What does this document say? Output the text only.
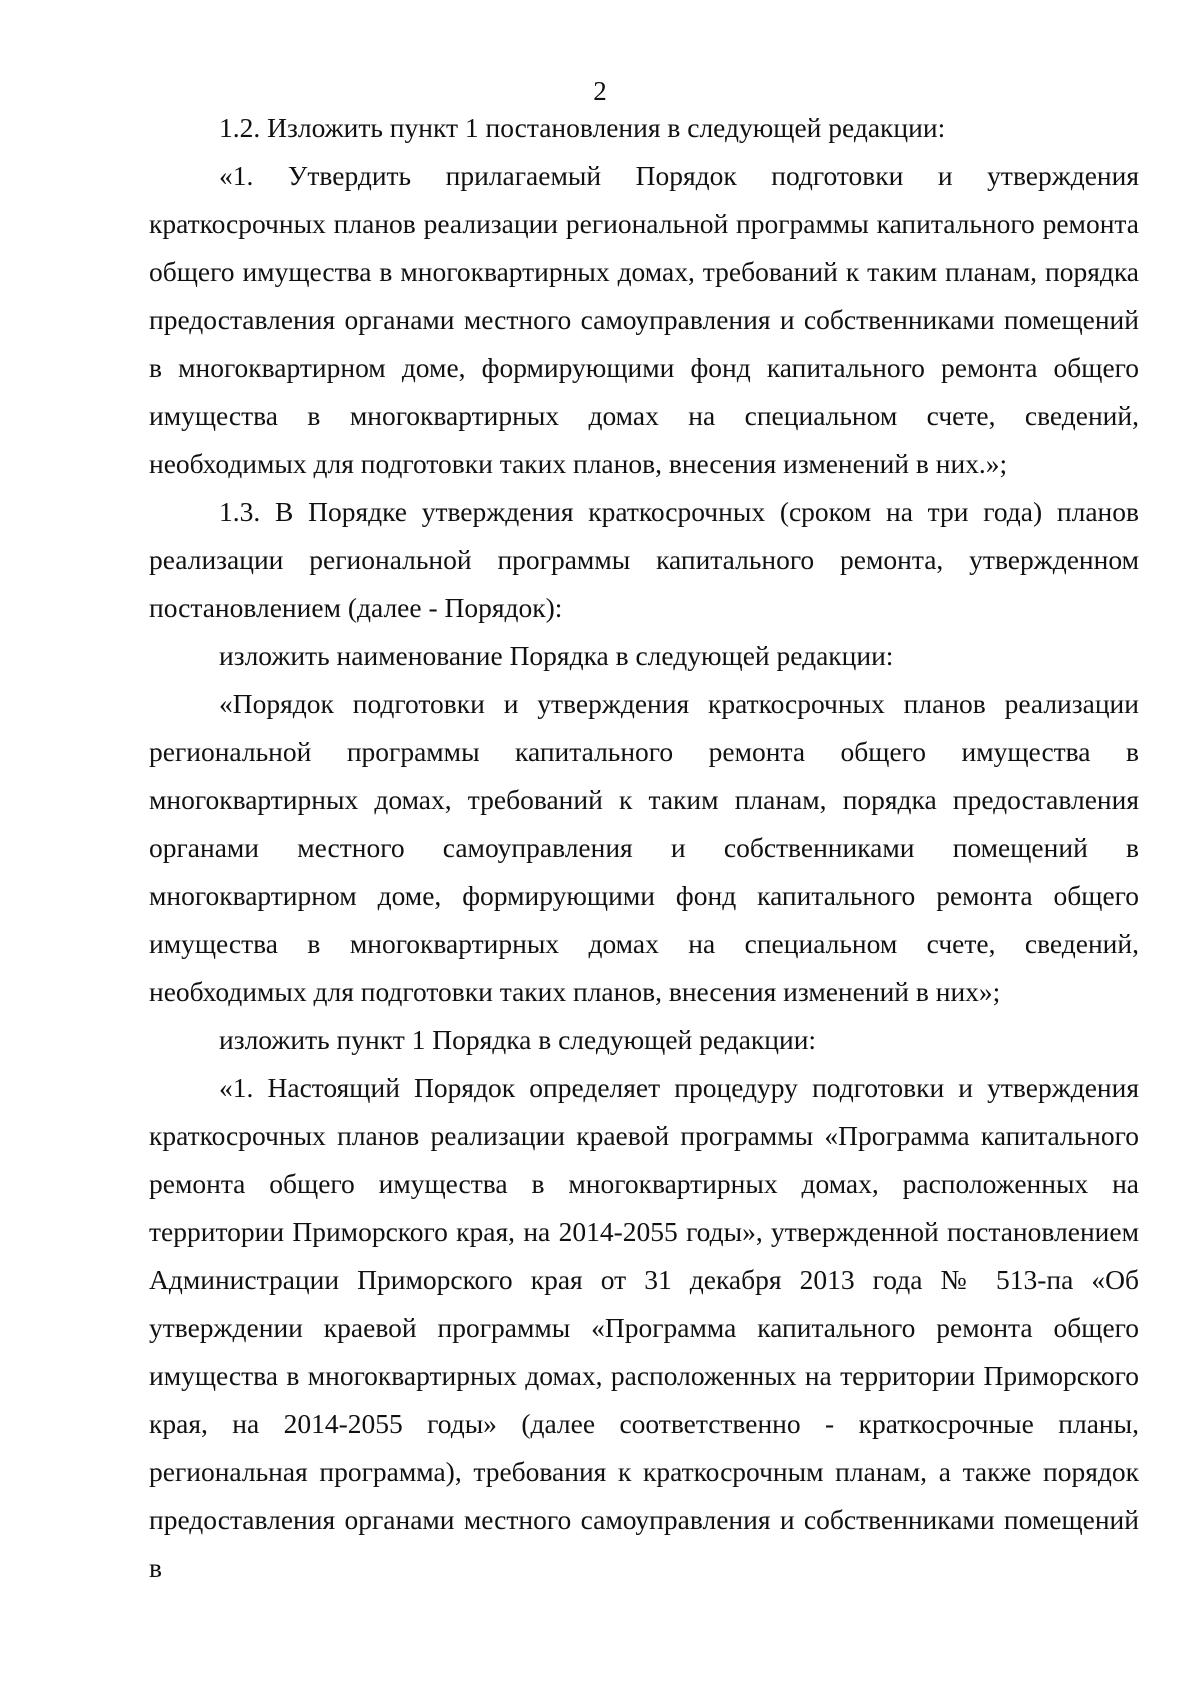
2

1.2. Изложить пункт 1 постановления в следующей редакции:

«1. Утвердить прилагаемый Порядок подготовки и утверждения краткосрочных планов реализации региональной программы капитального ремонта общего имущества в многоквартирных домах, требований к таким планам, порядка предоставления органами местного самоуправления и собственниками помещений в многоквартирном доме, формирующими фонд капитального ремонта общего имущества в многоквартирных домах на специальном счете, сведений, необходимых для подготовки таких планов, внесения изменений в них.»;

1.3. В Порядке утверждения краткосрочных (сроком на три года) планов реализации региональной программы капитального ремонта, утвержденном постановлением (далее - Порядок):

изложить наименование Порядка в следующей редакции:

«Порядок подготовки и утверждения краткосрочных планов реализации региональной программы капитального ремонта общего имущества в многоквартирных домах, требований к таким планам, порядка предоставления органами местного самоуправления и собственниками помещений в многоквартирном доме, формирующими фонд капитального ремонта общего имущества в многоквартирных домах на специальном счете, сведений, необходимых для подготовки таких планов, внесения изменений в них»;

изложить пункт 1 Порядка в следующей редакции:

«1. Настоящий Порядок определяет процедуру подготовки и утверждения краткосрочных планов реализации краевой программы «Программа капитального ремонта общего имущества в многоквартирных домах, расположенных на территории Приморского края, на 2014-2055 годы», утвержденной постановлением Администрации Приморского края от 31 декабря 2013 года № 513-па «Об утверждении краевой программы «Программа капитального ремонта общего имущества в многоквартирных домах, расположенных на территории Приморского края, на 2014-2055 годы» (далее соответственно - краткосрочные планы, региональная программа), требования к краткосрочным планам, а также порядок предоставления органами местного самоуправления и собственниками помещений в
